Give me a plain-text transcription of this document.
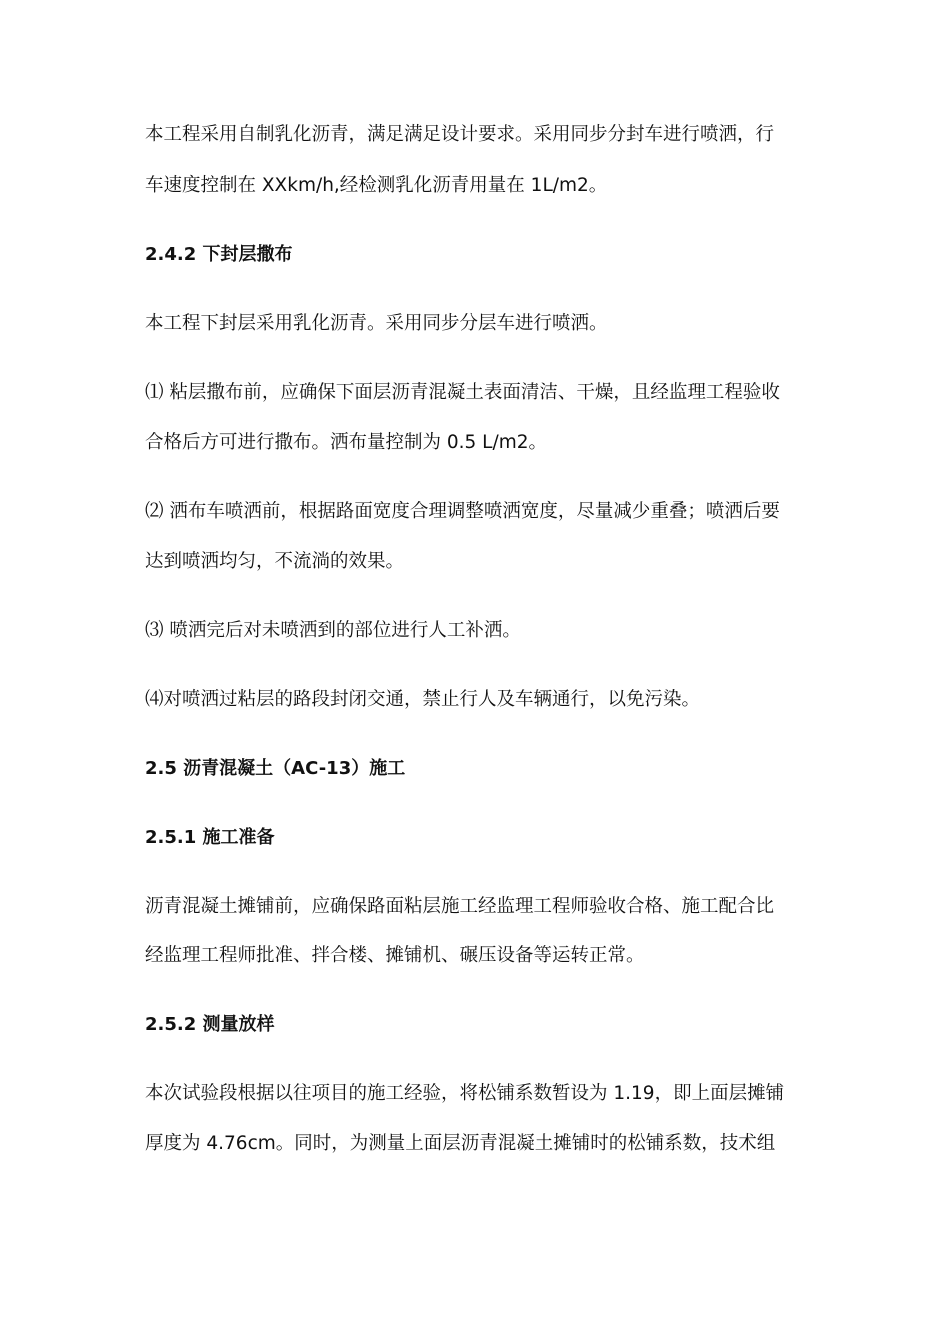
本工程采用自制乳化沥青，满足满足设计要求。采用同步分封车进行喷洒，行
车速度控制在 XXkm/h,经检测乳化沥青用量在 1L/m2。
2.4.2 下封层撒布
本工程下封层采用乳化沥青。采用同步分层车进行喷洒。
⑴ 粘层撒布前，应确保下面层沥青混凝土表面清洁、干燥，且经监理工程验收
合格后方可进行撒布。洒布量控制为 0.5 L/m2。
⑵ 洒布车喷洒前，根据路面宽度合理调整喷洒宽度，尽量减少重叠；喷洒后要
达到喷洒均匀，不流淌的效果。
⑶ 喷洒完后对未喷洒到的部位进行人工补洒。
⑷对喷洒过粘层的路段封闭交通，禁止行人及车辆通行，以免污染。
2.5 沥青混凝土（AC-13）施工
2.5.1 施工准备
沥青混凝土摊铺前，应确保路面粘层施工经监理工程师验收合格、施工配合比
经监理工程师批准、拌合楼、摊铺机、碾压设备等运转正常。
2.5.2 测量放样
本次试验段根据以往项目的施工经验，将松铺系数暂设为 1.19，即上面层摊铺
厚度为 4.76cm。同时，为测量上面层沥青混凝土摊铺时的松铺系数，技术组
